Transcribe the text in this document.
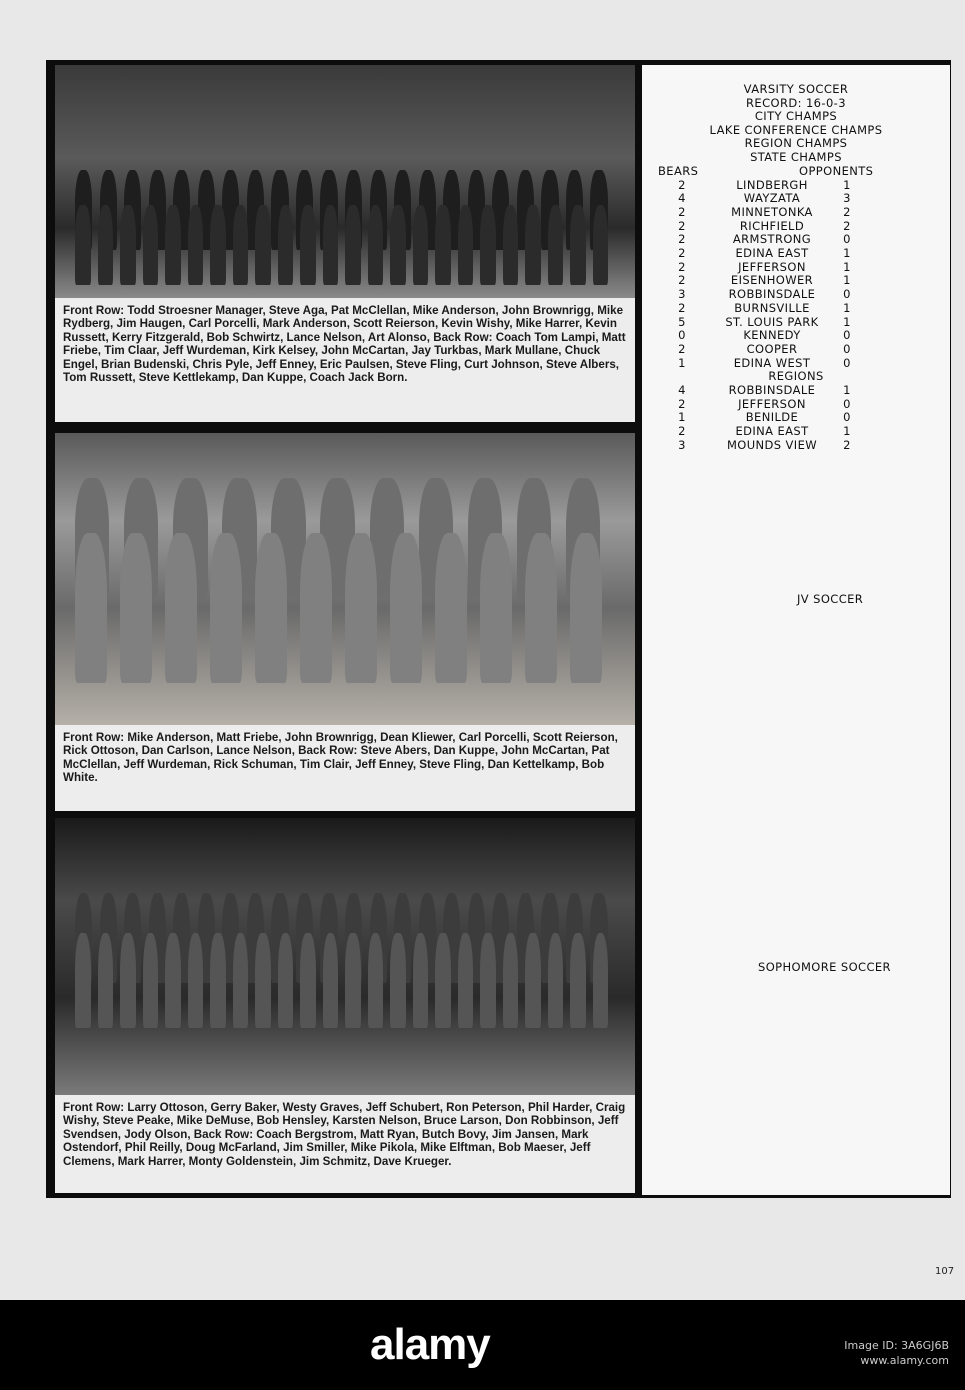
Front Row: Todd Stroesner Manager, Steve Aga, Pat McClellan, Mike Anderson, John Brownrigg, Mike Rydberg, Jim Haugen, Carl Porcelli, Mark Anderson, Scott Reierson, Kevin Wishy, Mike Harrer, Kevin Russett, Kerry Fitzgerald, Bob Schwirtz, Lance Nelson, Art Alonso, Back Row: Coach Tom Lampi, Matt Friebe, Tim Claar, Jeff Wurdeman, Kirk Kelsey, John McCartan, Jay Turkbas, Mark Mullane, Chuck Engel, Brian Budenski, Chris Pyle, Jeff Enney, Eric Paulsen, Steve Fling, Curt Johnson, Steve Albers, Tom Russett, Steve Kettlekamp, Dan Kuppe, Coach Jack Born.
Front Row: Mike Anderson, Matt Friebe, John Brownrigg, Dean Kliewer, Carl Porcelli, Scott Reierson, Rick Ottoson, Dan Carlson, Lance Nelson, Back Row: Steve Abers, Dan Kuppe, John McCartan, Pat McClellan, Jeff Wurdeman, Rick Schuman, Tim Clair, Jeff Enney, Steve Fling, Dan Kettelkamp, Bob White.
Front Row: Larry Ottoson, Gerry Baker, Westy Graves, Jeff Schubert, Ron Peterson, Phil Harder, Craig Wishy, Steve Peake, Mike DeMuse, Bob Hensley, Karsten Nelson, Bruce Larson, Don Robbinson, Jeff Svendsen, Jody Olson, Back Row: Coach Bergstrom, Matt Ryan, Butch Bovy, Jim Jansen, Mark Ostendorf, Phil Reilly, Doug McFarland, Jim Smiller, Mike Pikola, Mike Elftman, Bob Maeser, Jeff Clemens, Mark Harrer, Monty Goldenstein, Jim Schmitz, Dave Krueger.
VARSITY SOCCER
RECORD: 16-0-3
CITY CHAMPS
LAKE CONFERENCE CHAMPS
REGION CHAMPS
STATE CHAMPS
BEARS	OPPONENTS
JV SOCCER
SOPHOMORE SOCCER
2	LINDBERGH	1
4	WAYZATA	3
2	MINNETONKA	2
2	RICHFIELD	2
2	ARMSTRONG	0
2	EDINA EAST	1
2	JEFFERSON	1
2	EISENHOWER	1
3	ROBBINSDALE	0
2	BURNSVILLE	1
5	ST. LOUIS PARK	1
0	KENNEDY	0
2	COOPER	0
1	EDINA WEST	0
REGIONS
4	ROBBINSDALE	1
2	JEFFERSON	0
1	BENILDE	0
2	EDINA EAST	1
3	MOUNDS VIEW	2
107
alamy	Image ID: 3A6GJ6B
www.alamy.com
